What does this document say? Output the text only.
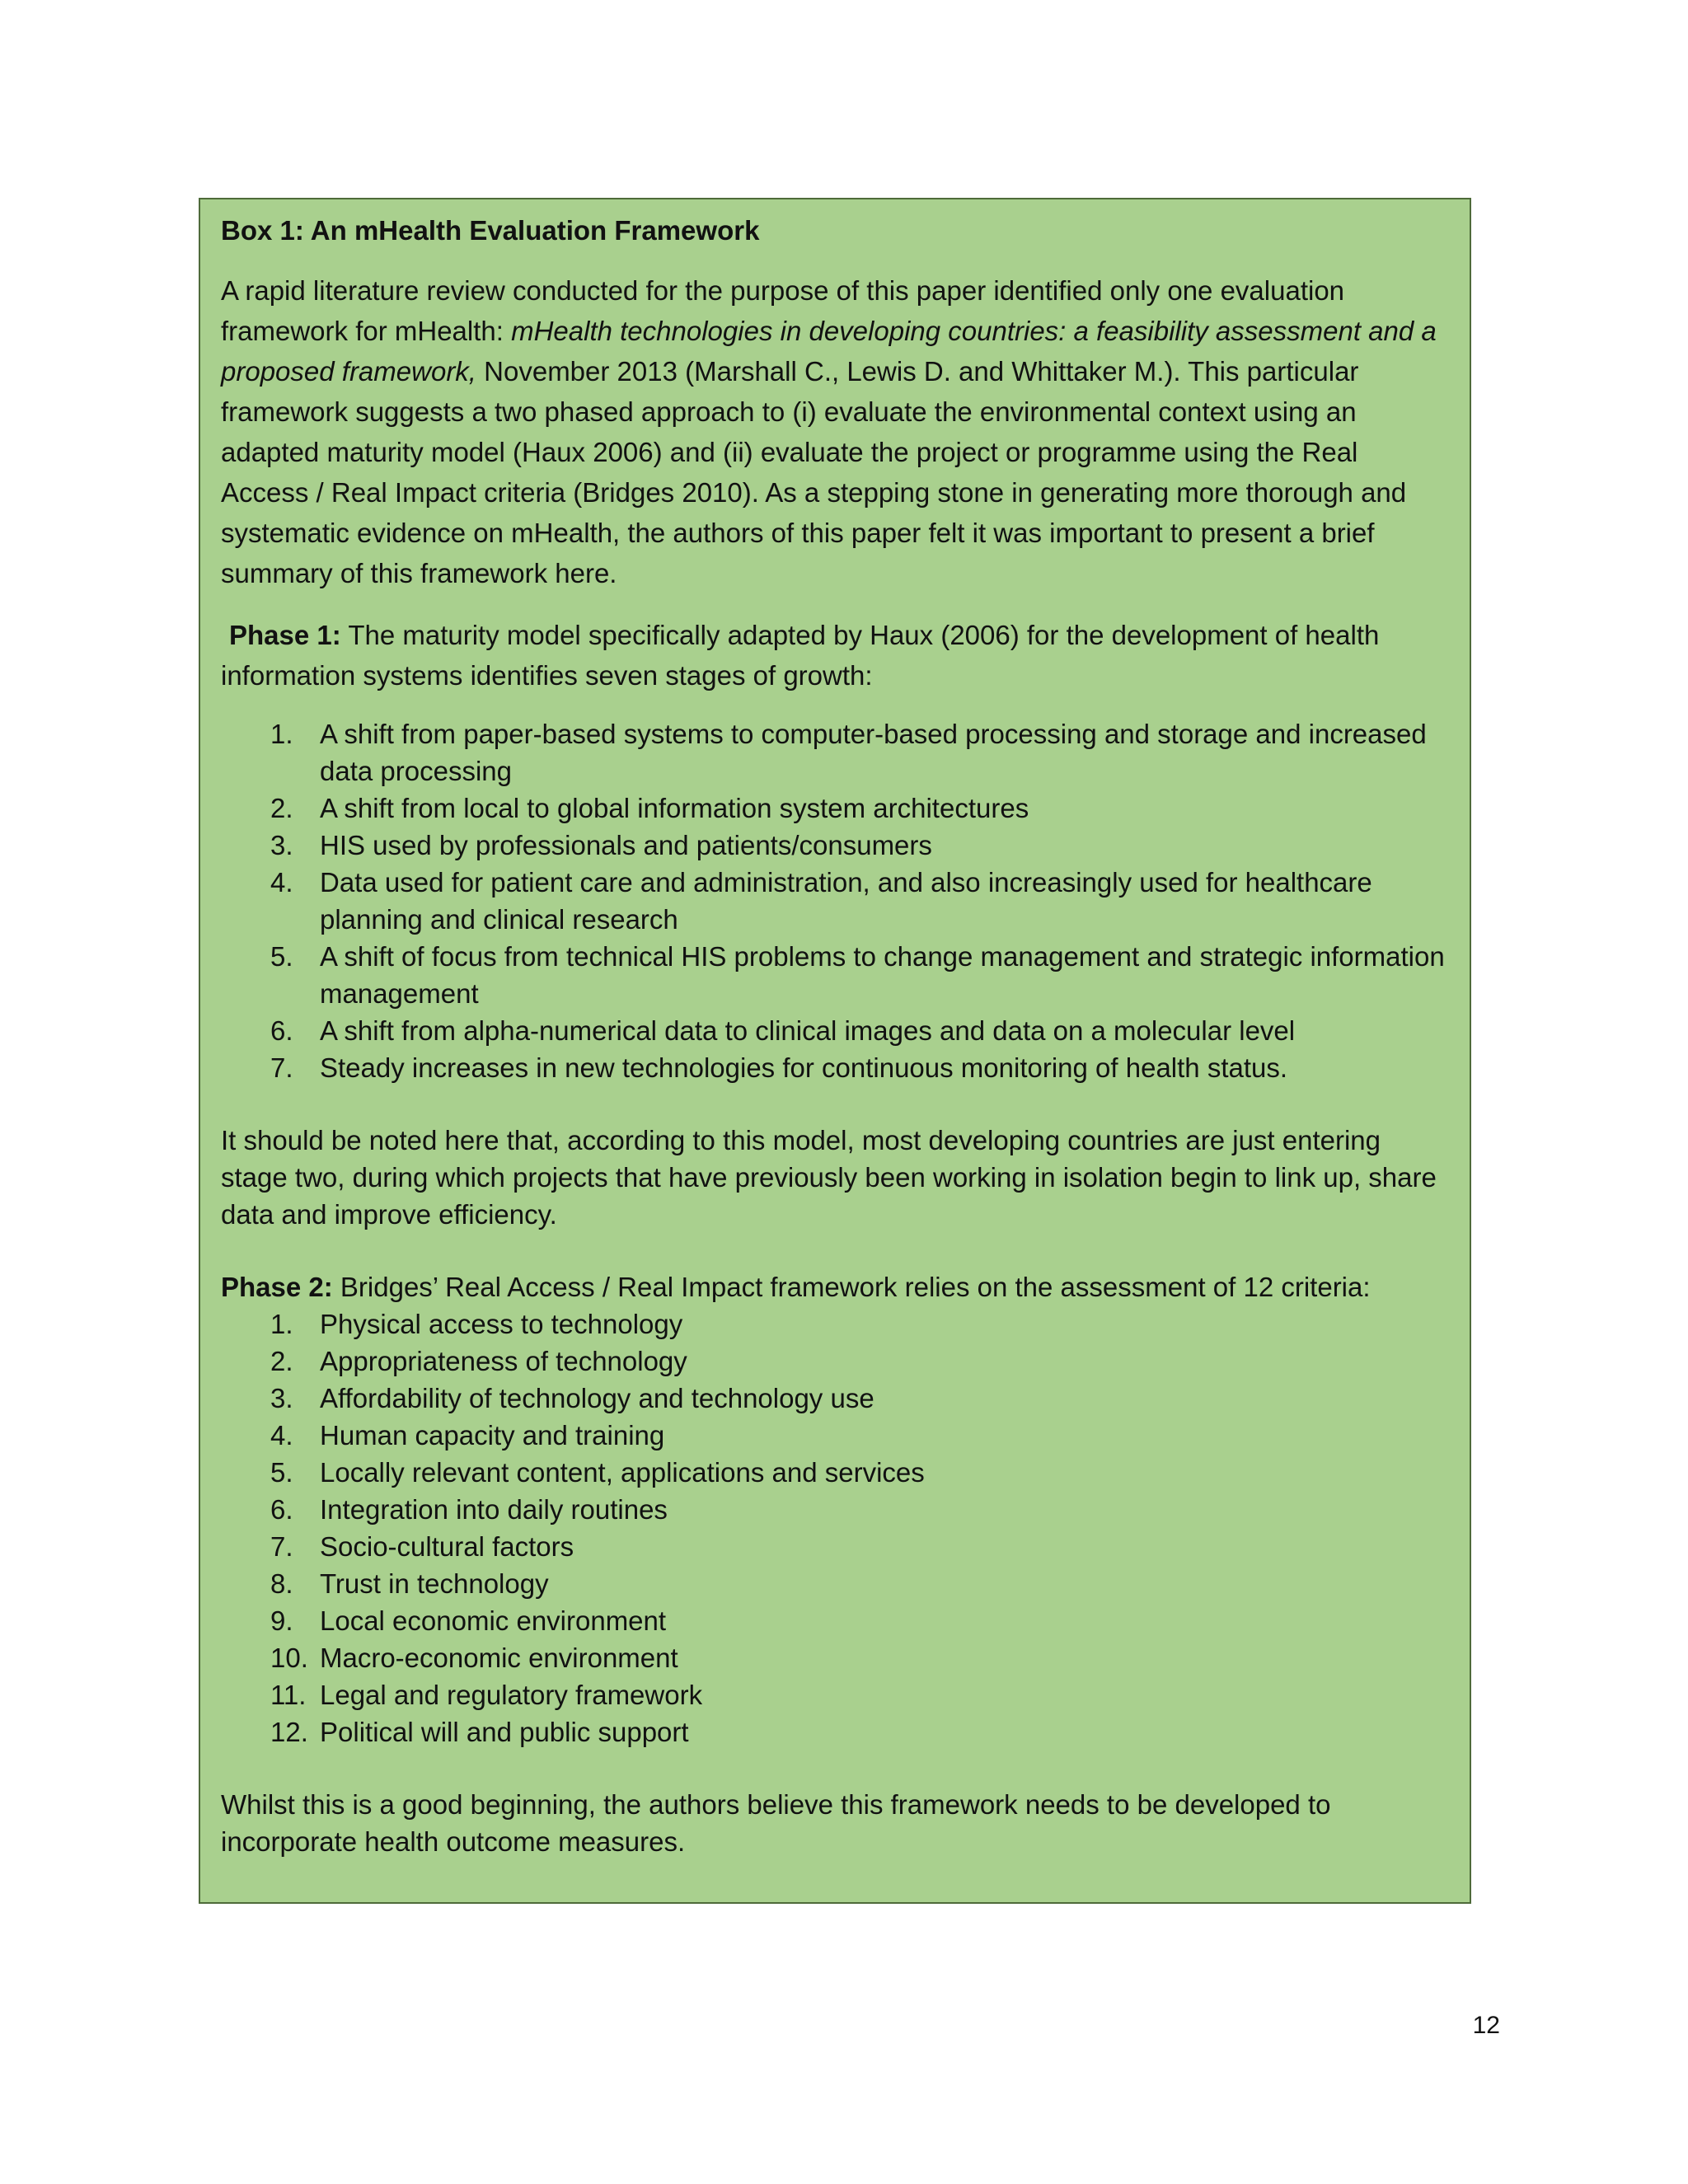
Box 1: An mHealth Evaluation Framework

A rapid literature review conducted for the purpose of this paper identified only one evaluation framework for mHealth: mHealth technologies in developing countries: a feasibility assessment and a proposed framework, November 2013 (Marshall C., Lewis D. and Whittaker M.). This particular framework suggests a two phased approach to (i) evaluate the environmental context using an adapted maturity model (Haux 2006) and (ii) evaluate the project or programme using the Real Access / Real Impact criteria (Bridges 2010). As a stepping stone in generating more thorough and systematic evidence on mHealth, the authors of this paper felt it was important to present a brief summary of this framework here.

Phase 1: The maturity model specifically adapted by Haux (2006) for the development of health information systems identifies seven stages of growth:

1. A shift from paper-based systems to computer-based processing and storage and increased data processing
2. A shift from local to global information system architectures
3. HIS used by professionals and patients/consumers
4. Data used for patient care and administration, and also increasingly used for healthcare planning and clinical research
5. A shift of focus from technical HIS problems to change management and strategic information management
6. A shift from alpha-numerical data to clinical images and data on a molecular level
7. Steady increases in new technologies for continuous monitoring of health status.

It should be noted here that, according to this model, most developing countries are just entering stage two, during which projects that have previously been working in isolation begin to link up, share data and improve efficiency.

Phase 2: Bridges’ Real Access / Real Impact framework relies on the assessment of 12 criteria:

1. Physical access to technology
2. Appropriateness of technology
3. Affordability of technology and technology use
4. Human capacity and training
5. Locally relevant content, applications and services
6. Integration into daily routines
7. Socio-cultural factors
8. Trust in technology
9. Local economic environment
10. Macro-economic environment
11. Legal and regulatory framework
12. Political will and public support

Whilst this is a good beginning, the authors believe this framework needs to be developed to incorporate health outcome measures.

12
